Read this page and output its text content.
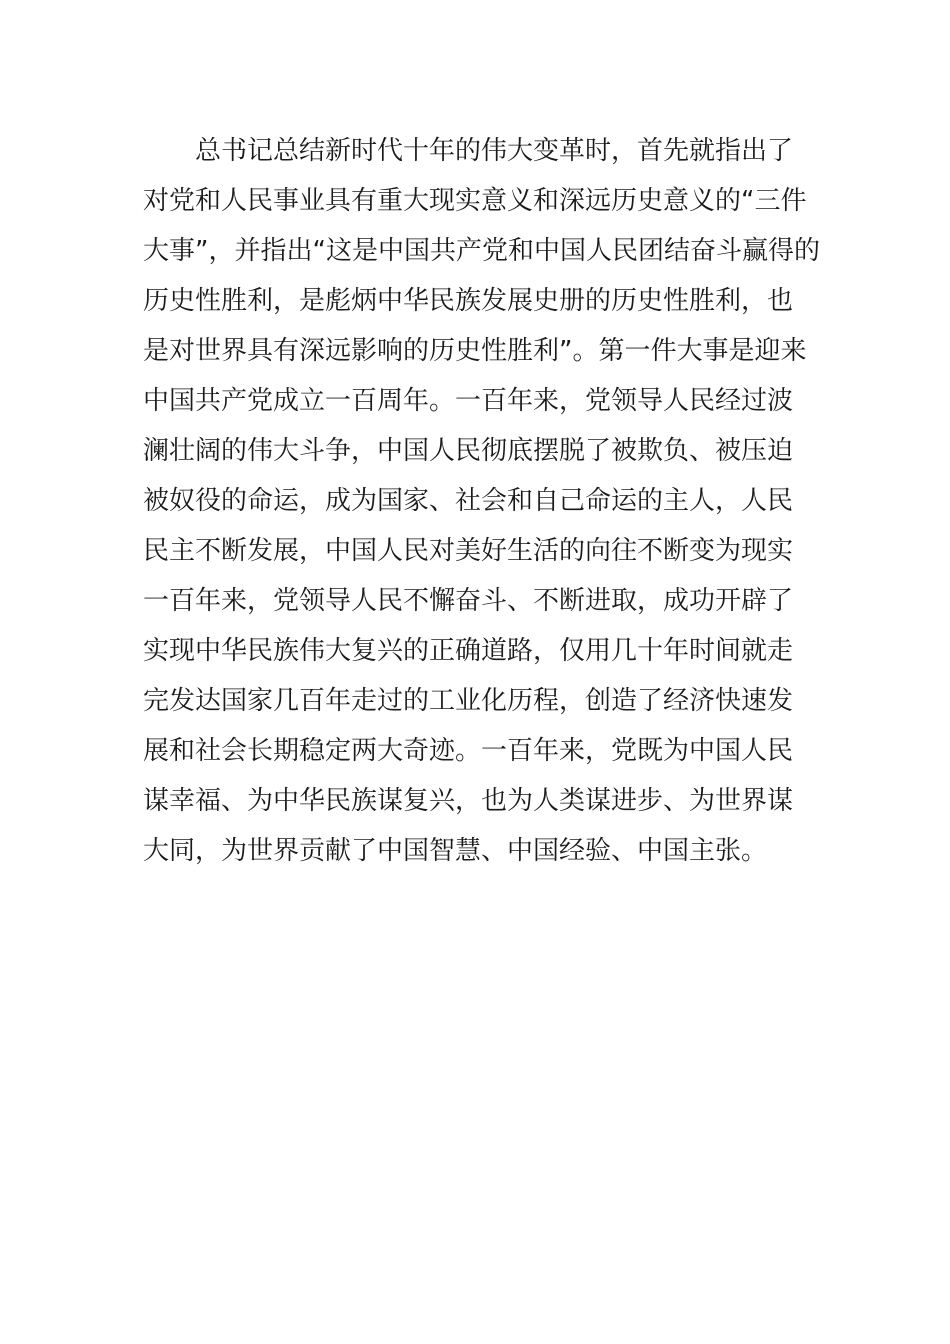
总书记总结新时代十年的伟大变革时，首先就指出了
对党和人民事业具有重大现实意义和深远历史意义的“三件
大事”，并指出“这是中国共产党和中国人民团结奋斗赢得的
历史性胜利，是彪炳中华民族发展史册的历史性胜利，也
是对世界具有深远影响的历史性胜利”。第一件大事是迎来
中国共产党成立一百周年。一百年来，党领导人民经过波
澜壮阔的伟大斗争，中国人民彻底摆脱了被欺负、被压迫
被奴役的命运，成为国家、社会和自己命运的主人，人民
民主不断发展，中国人民对美好生活的向往不断变为现实
一百年来，党领导人民不懈奋斗、不断进取，成功开辟了
实现中华民族伟大复兴的正确道路，仅用几十年时间就走
完发达国家几百年走过的工业化历程，创造了经济快速发
展和社会长期稳定两大奇迹。一百年来，党既为中国人民
谋幸福、为中华民族谋复兴，也为人类谋进步、为世界谋
大同，为世界贡献了中国智慧、中国经验、中国主张。
